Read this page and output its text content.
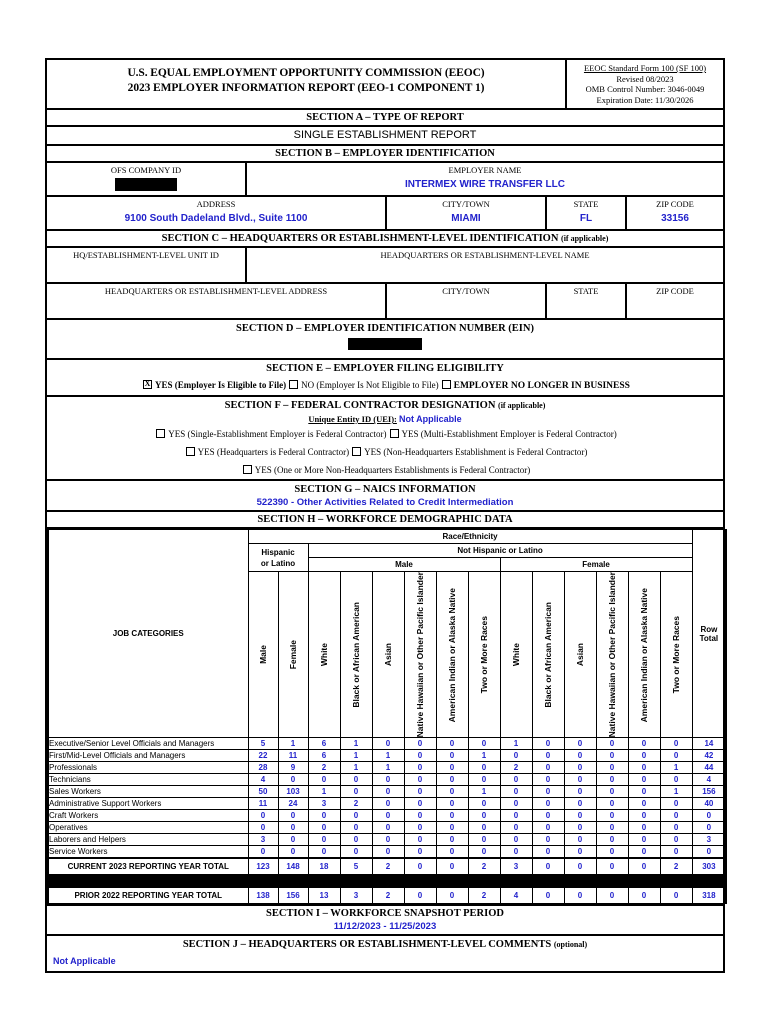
U.S. EQUAL EMPLOYMENT OPPORTUNITY COMMISSION (EEOC)
2023 EMPLOYER INFORMATION REPORT (EEO-1 COMPONENT 1)
EEOC Standard Form 100 (SF 100)
Revised 08/2023
OMB Control Number: 3046-0049
Expiration Date: 11/30/2026
SECTION A – TYPE OF REPORT
SINGLE ESTABLISHMENT REPORT
SECTION B – EMPLOYER IDENTIFICATION
OFS COMPANY ID	EMPLOYER NAME
INTERMEX WIRE TRANSFER LLC
ADDRESS
9100 South Dadeland Blvd., Suite 1100
CITY/TOWN
MIAMI
STATE
FL
ZIP CODE
33156
SECTION C – HEADQUARTERS OR ESTABLISHMENT-LEVEL IDENTIFICATION (if applicable)
HQ/ESTABLISHMENT-LEVEL UNIT ID	HEADQUARTERS OR ESTABLISHMENT-LEVEL NAME
HEADQUARTERS OR ESTABLISHMENT-LEVEL ADDRESS	CITY/TOWN	STATE	ZIP CODE
SECTION D – EMPLOYER IDENTIFICATION NUMBER (EIN)
SECTION E – EMPLOYER FILING ELIGIBILITY
XYES (Employer Is Eligible to File) NO (Employer Is Not Eligible to File) EMPLOYER NO LONGER IN BUSINESS
SECTION F – FEDERAL CONTRACTOR DESIGNATION (if applicable)
Unique Entity ID (UEI): Not Applicable
YES (Single-Establishment Employer is Federal Contractor) YES (Multi-Establishment Employer is Federal Contractor)
YES (Headquarters is Federal Contractor) YES (Non-Headquarters Establishment is Federal Contractor)
YES (One or More Non-Headquarters Establishments is Federal Contractor)
SECTION G – NAICS INFORMATION
522390 - Other Activities Related to Credit Intermediation
SECTION H – WORKFORCE DEMOGRAPHIC DATA
JOB CATEGORIES	Race/Ethnicity														Row
Total

	Hispanic
or Latino		Not Hispanic or Latino												
			Male						Female						

	Male	Female	White	Black or African American	Asian	Native Hawaiian or Other Pacific Islander	American Indian or Alaska Native	Two or More Races	White	Black or African American	Asian	Native Hawaiian or Other Pacific Islander	American Indian or Alaska Native	Two or More Races	

Executive/Senior Level Officials and Managers	5	1	6	1	0	0	0	0	1	0	0	0	0	0	14
First/Mid-Level Officials and Managers	22	11	6	1	1	0	0	1	0	0	0	0	0	0	42
Professionals	28	9	2	1	1	0	0	0	2	0	0	0	0	1	44
Technicians	4	0	0	0	0	0	0	0	0	0	0	0	0	0	4
Sales Workers	50	103	1	0	0	0	0	1	0	0	0	0	0	1	156
Administrative Support Workers	11	24	3	2	0	0	0	0	0	0	0	0	0	0	40
Craft Workers	0	0	0	0	0	0	0	0	0	0	0	0	0	0	0
Operatives	0	0	0	0	0	0	0	0	0	0	0	0	0	0	0
Laborers and Helpers	3	0	0	0	0	0	0	0	0	0	0	0	0	0	3
Service Workers	0	0	0	0	0	0	0	0	0	0	0	0	0	0	0
CURRENT 2023 REPORTING YEAR TOTAL	123	148	18	5	2	0	0	2	3	0	0	0	0	2	303

PRIOR 2022 REPORTING YEAR TOTAL	138	156	13	3	2	0	0	2	4	0	0	0	0	0	318
SECTION I – WORKFORCE SNAPSHOT PERIOD
11/12/2023 - 11/25/2023
SECTION J – HEADQUARTERS OR ESTABLISHMENT-LEVEL COMMENTS (optional)
Not Applicable
